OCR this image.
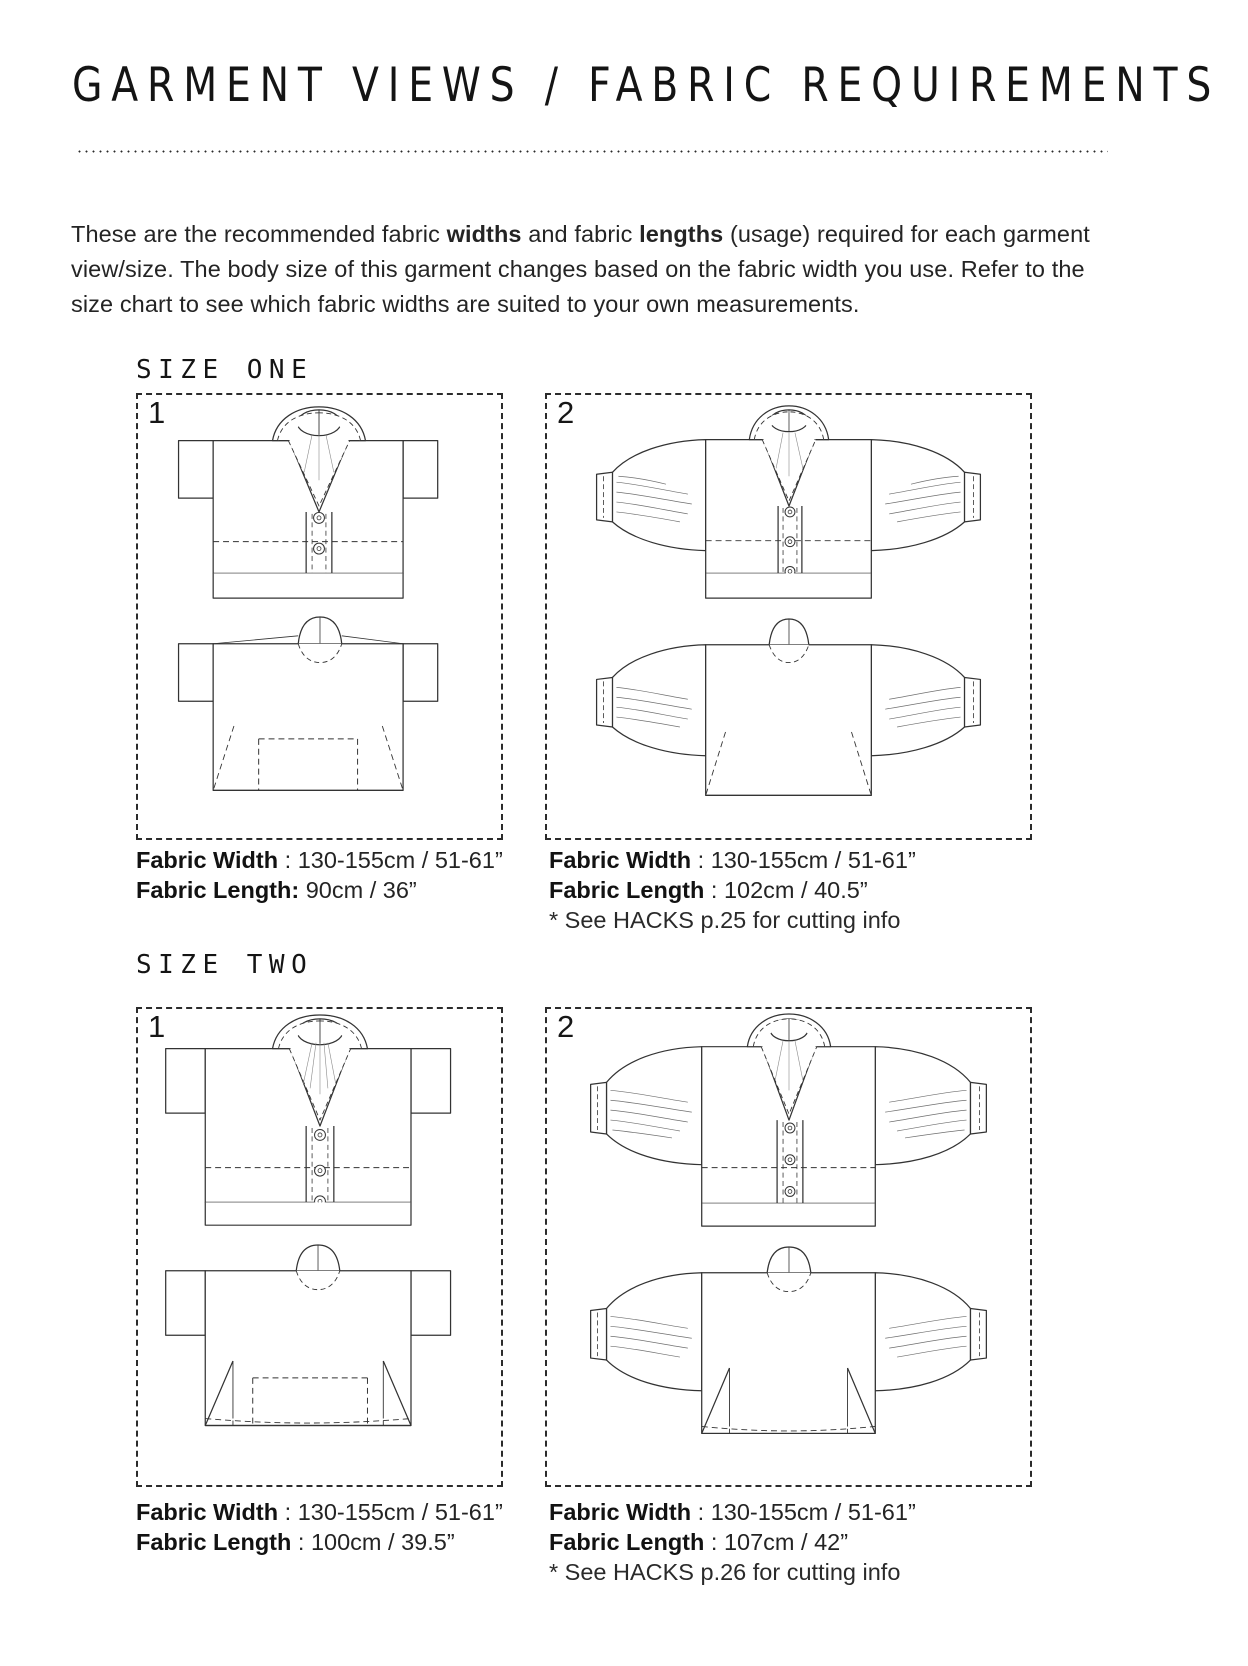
GARMENT VIEWS / FABRIC REQUIREMENTS

These are the recommended fabric widths and fabric lengths (usage) required for each garment view/size. The body size of this garment changes based on the fabric width you use. Refer to the size chart to see which fabric widths are suited to your own measurements.

SIZE ONE
1
Fabric Width : 130-155cm / 51-61”
Fabric Length: 90cm / 36”
2
Fabric Width : 130-155cm / 51-61”
Fabric Length : 102cm / 40.5”
* See HACKS p.25 for cutting info
SIZE TWO
1
Fabric Width : 130-155cm / 51-61”
Fabric Length : 100cm / 39.5”
2
Fabric Width : 130-155cm / 51-61”
Fabric Length : 107cm / 42”
* See HACKS p.26 for cutting info
